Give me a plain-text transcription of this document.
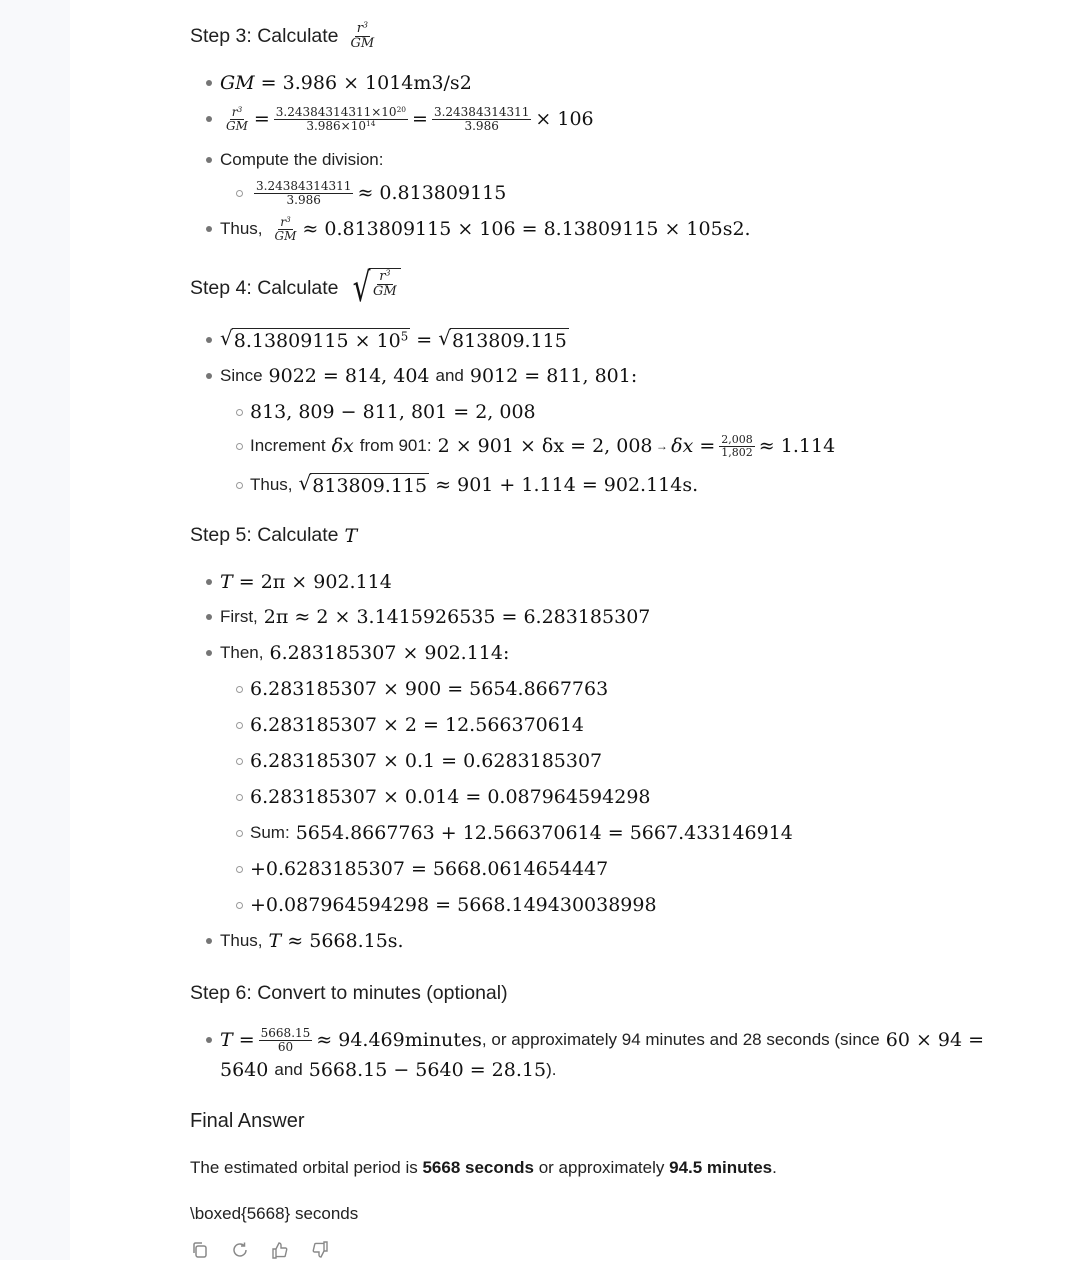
Step 3: Calculate $\frac{r^3}{GM}$
GM = 3.986 × 10 14 m 3 /s 2
$\frac{r^3}{GM} = \frac{3.24384314311\times 10^{20}}{3.986\times 10^{14}} = \frac{3.24384314311}{3.986} \times 10$ 6
Compute the division:
$\frac{3.24384314311}{3.986} \approx 0.813809115$
Thus, $\frac{r^3}{GM} \approx 0.813809115 \times 10$ 6 = 8.13809115 × 10 5 s 2 .
Step 4: Calculate √ $\frac{r^3}{GM}$
√ $8.13809115 \times 10^5$ = √ 813809.115
Since 902 2 = 814, 404 and 901 2 = 811, 801:
813, 809 − 811, 801 = 2, 008
Increment δx from 901: 2 × 901 × δx = 2, $008 \to \delta x = \frac{2,008}{1,802} \approx 1.114$
Thus, √ 813809.115 ≈ 901 + 1.114 = 902.114s.
Step 5: Calculate T
T = 2π × 902.114
First, 2π ≈ 2 × 3.1415926535 = 6.283185307
Then, 6.283185307 × 902.114:
6.283185307 × 900 = 5654.8667763
6.283185307 × 2 = 12.566370614
6.283185307 × 0.1 = 0.6283185307
6.283185307 × 0.014 = 0.087964594298
Sum: 5654.8667763 + 12.566370614 = 5667.433146914
+0.6283185307 = 5668.0614654447
+0.087964594298 = 5668.149430038998
Thus, T
≈ 5668.15s.
Step 6: Convert to minutes (optional)
$T = \frac{5668.15}{60}$ ≈ 94.469minutes , or approximately 94 minutes and 28 seconds (since 60 × 94 =
5640 and 5668.15 − 5640 = 28.15 ).
Final Answer
The estimated orbital period is 5668 seconds or approximately 94.5 minutes.
\boxed{5668} seconds
